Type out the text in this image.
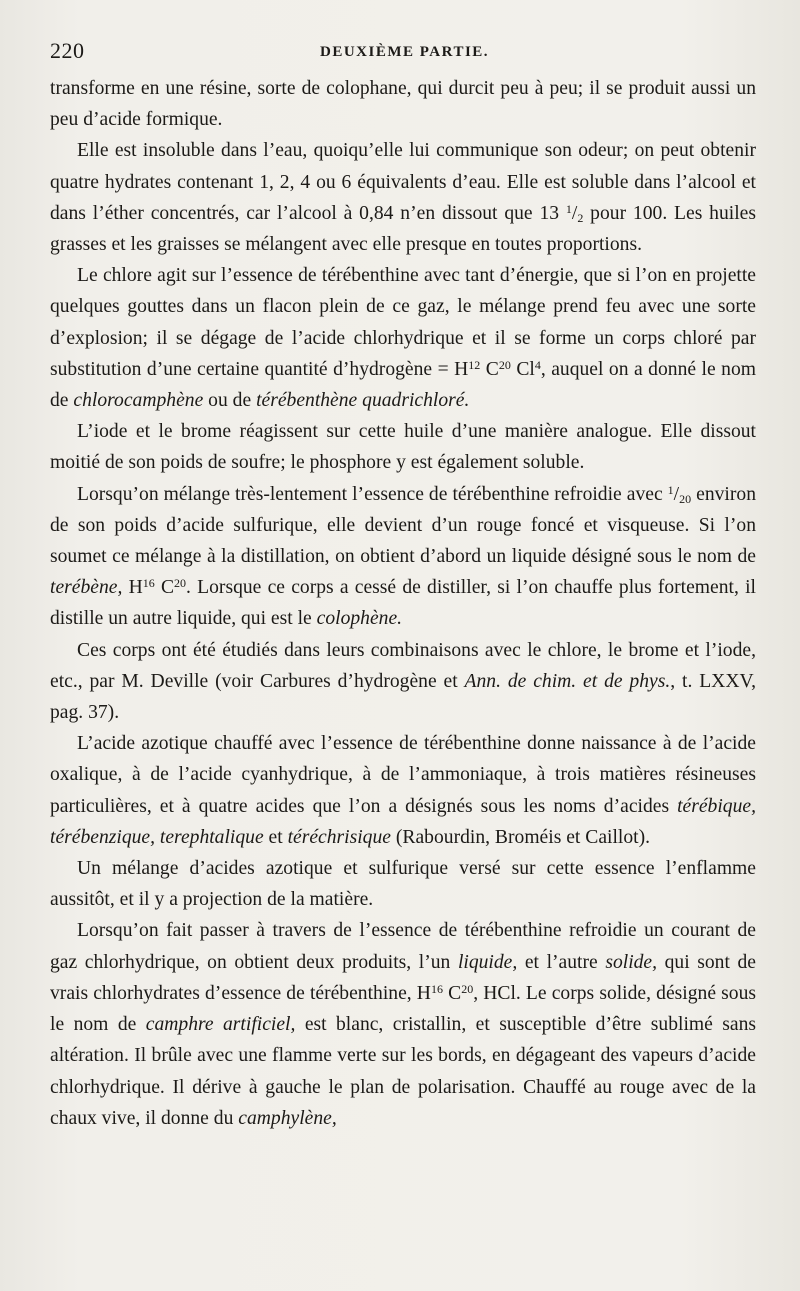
220	DEUXIÈME PARTIE.

transforme en une résine, sorte de colophane, qui durcit peu à peu; il se produit aussi un peu d’acide formique.

Elle est insoluble dans l’eau, quoiqu’elle lui communique son odeur; on peut obtenir quatre hydrates contenant 1, 2, 4 ou 6 équivalents d’eau. Elle est soluble dans l’alcool et dans l’éther concentrés, car l’alcool à 0,84 n’en dissout que 13 $^1/_2$ pour 100. Les huiles grasses et les graisses se mélangent avec elle presque en toutes proportions.

Le chlore agit sur l’essence de térébenthine avec tant d’énergie, que si l’on en projette quelques gouttes dans un flacon plein de ce gaz, le mélange prend feu avec une sorte d’explosion; il se dégage de l’acide chlorhydrique et il se forme un corps chloré par substitution d’une certaine quantité d’hydrogène = $H^{12}$ $C^{20}$ Cl$^4$, auquel on a donné le nom de chlorocamphène ou de térébenthène quadrichloré.

L’iode et le brome réagissent sur cette huile d’une manière analogue. Elle dissout moitié de son poids de soufre; le phosphore y est également soluble.

Lorsqu’on mélange très-lentement l’essence de térébenthine refroidie avec $^1/_{20}$ environ de son poids d’acide sulfurique, elle devient d’un rouge foncé et visqueuse. Si l’on soumet ce mélange à la distillation, on obtient d’abord un liquide désigné sous le nom de terébène, $H^{16}$ $C^{20}$. Lorsque ce corps a cessé de distiller, si l’on chauffe plus fortement, il distille un autre liquide, qui est le colophène.

Ces corps ont été étudiés dans leurs combinaisons avec le chlore, le brome et l’iode, etc., par M. Deville (voir Carbures d’hydrogène et Ann. de chim. et de phys., t. LXXV, pag. 37).

L’acide azotique chauffé avec l’essence de térébenthine donne naissance à de l’acide oxalique, à de l’acide cyanhydrique, à de l’ammoniaque, à trois matières résineuses particulières, et à quatre acides que l’on a désignés sous les noms d’acides térébique, térébenzique, terephtalique et téréchrisique (Rabourdin, Broméis et Caillot).

Un mélange d’acides azotique et sulfurique versé sur cette essence l’enflamme aussitôt, et il y a projection de la matière.

Lorsqu’on fait passer à travers de l’essence de térébenthine refroidie un courant de gaz chlorhydrique, on obtient deux produits, l’un liquide, et l’autre solide, qui sont de vrais chlorhydrates d’essence de térébenthine, $H^{16}$ $C^{20}$, HCl. Le corps solide, désigné sous le nom de camphre artificiel, est blanc, cristallin, et susceptible d’être sublimé sans altération. Il brûle avec une flamme verte sur les bords, en dégageant des vapeurs d’acide chlorhydrique. Il dérive à gauche le plan de polarisation. Chauffé au rouge avec de la chaux vive, il donne du camphylène,
